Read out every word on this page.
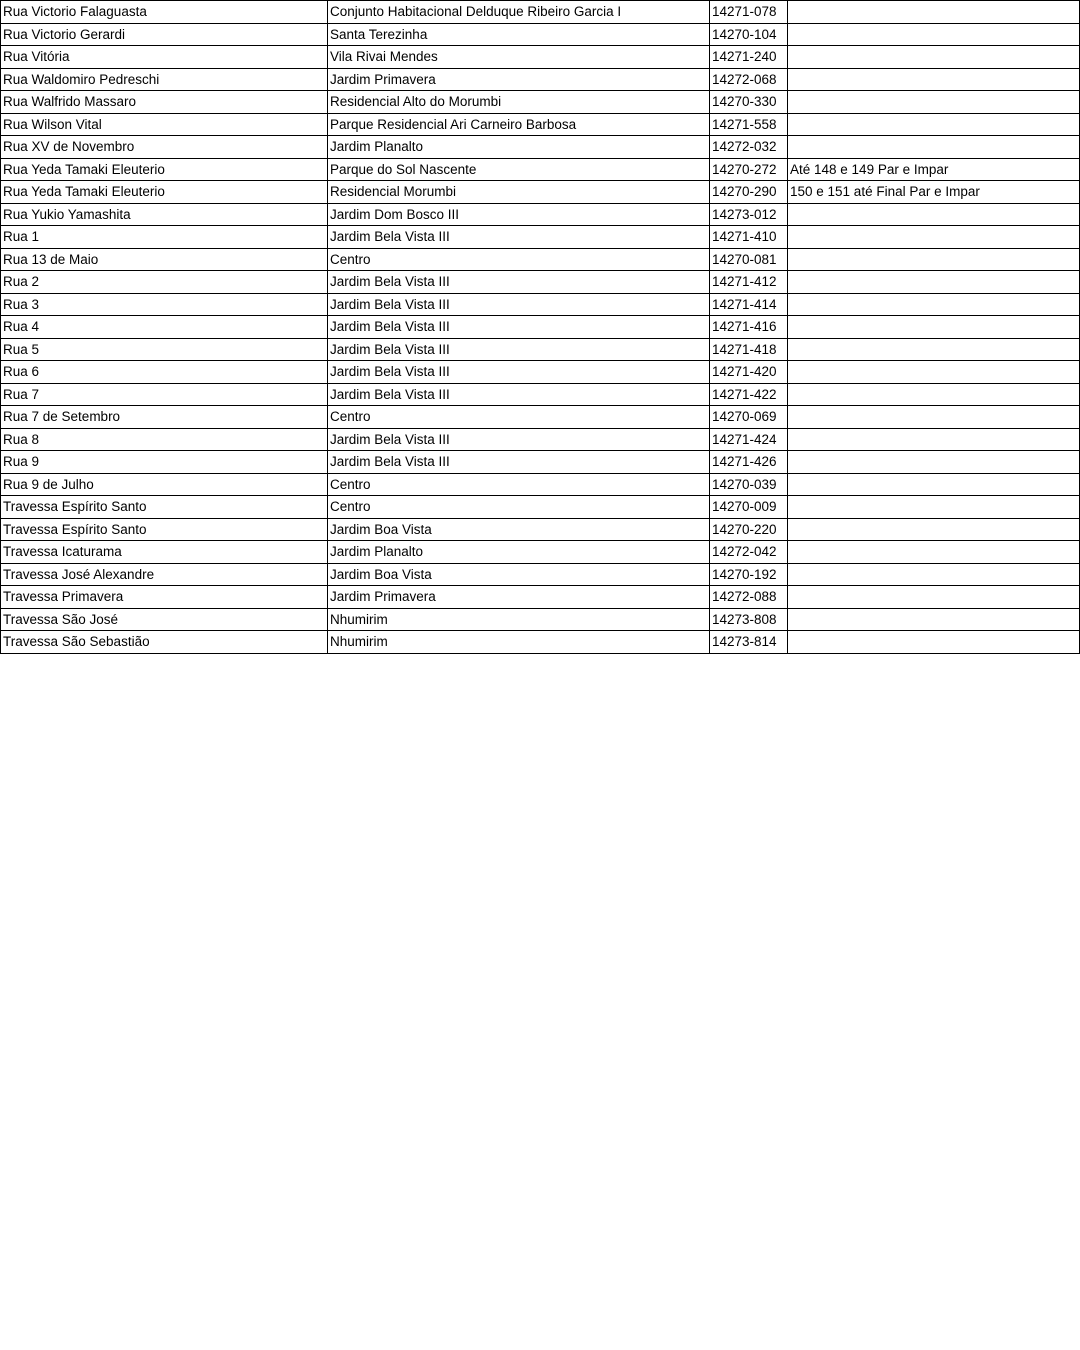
Rua Victorio Falaguasta	Conjunto Habitacional Delduque Ribeiro Garcia I	14271-078	
Rua Victorio Gerardi	Santa Terezinha	14270-104	
Rua Vitória	Vila Rivai Mendes	14271-240	
Rua Waldomiro Pedreschi	Jardim Primavera	14272-068	
Rua Walfrido Massaro	Residencial Alto do Morumbi	14270-330	
Rua Wilson Vital	Parque Residencial Ari Carneiro Barbosa	14271-558	
Rua XV de Novembro	Jardim Planalto	14272-032	
Rua Yeda Tamaki Eleuterio	Parque do Sol Nascente	14270-272	Até 148 e 149 Par e Impar
Rua Yeda Tamaki Eleuterio	Residencial Morumbi	14270-290	150 e 151 até Final Par e Impar
Rua Yukio Yamashita	Jardim Dom Bosco III	14273-012	
Rua 1	Jardim Bela Vista III	14271-410	
Rua 13 de Maio	Centro	14270-081	
Rua 2	Jardim Bela Vista III	14271-412	
Rua 3	Jardim Bela Vista III	14271-414	
Rua 4	Jardim Bela Vista III	14271-416	
Rua 5	Jardim Bela Vista III	14271-418	
Rua 6	Jardim Bela Vista III	14271-420	
Rua 7	Jardim Bela Vista III	14271-422	
Rua 7 de Setembro	Centro	14270-069	
Rua 8	Jardim Bela Vista III	14271-424	
Rua 9	Jardim Bela Vista III	14271-426	
Rua 9 de Julho	Centro	14270-039	
Travessa Espírito Santo	Centro	14270-009	
Travessa Espírito Santo	Jardim Boa Vista	14270-220	
Travessa Icaturama	Jardim Planalto	14272-042	
Travessa José Alexandre	Jardim Boa Vista	14270-192	
Travessa Primavera	Jardim Primavera	14272-088	
Travessa São José	Nhumirim	14273-808	
Travessa São Sebastião	Nhumirim	14273-814	
